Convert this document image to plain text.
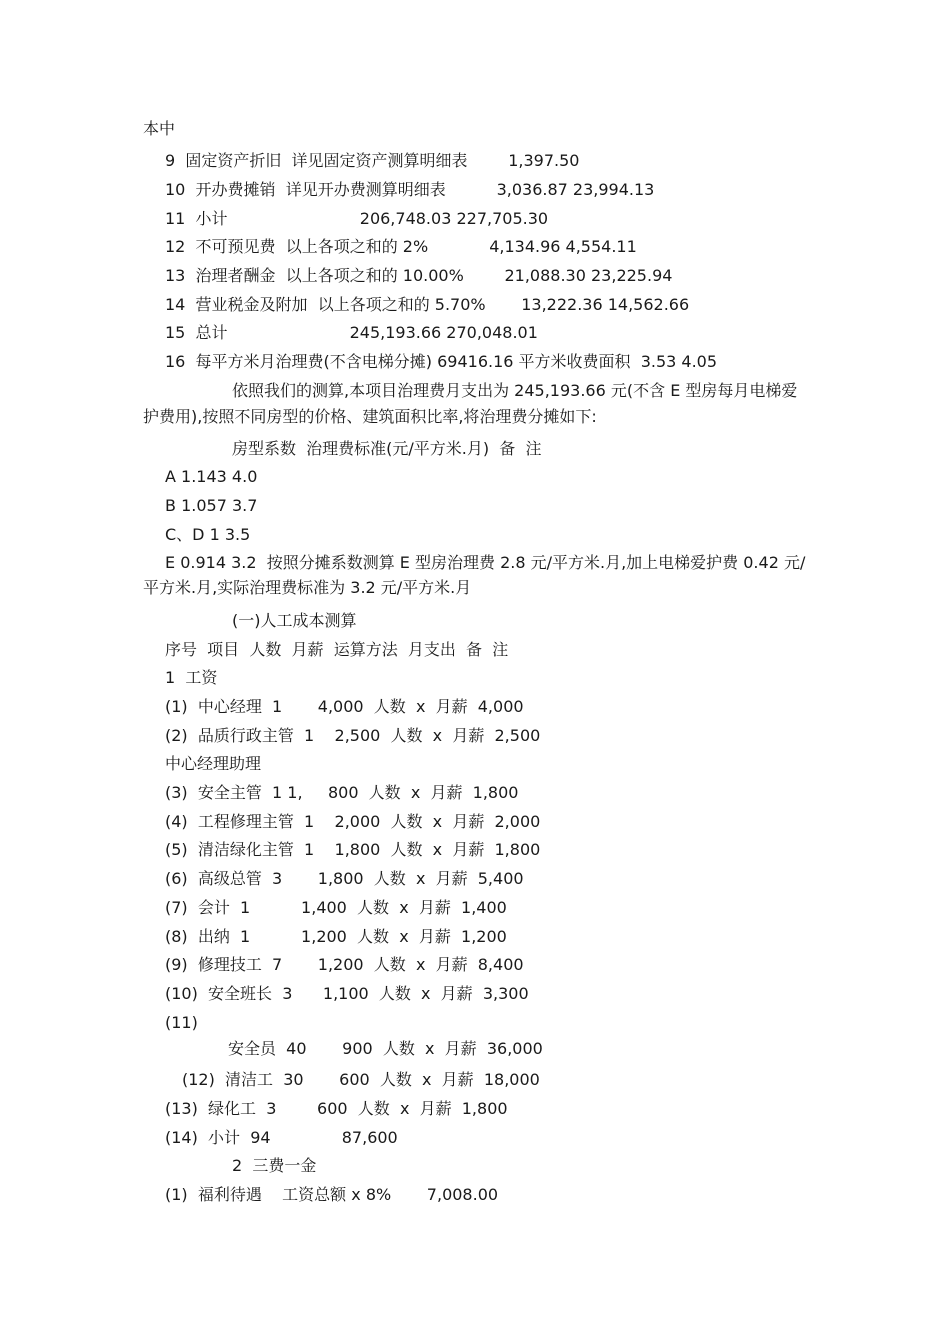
本中
9  固定资产折旧  详见固定资产测算明细表        1,397.50
10  开办费摊销  详见开办费测算明细表          3,036.87 23,994.13
11  小计                          206,748.03 227,705.30
12  不可预见费  以上各项之和的 2%            4,134.96 4,554.11
13  治理者酬金  以上各项之和的 10.00%        21,088.30 23,225.94
14  营业税金及附加  以上各项之和的 5.70%       13,222.36 14,562.66
15  总计                        245,193.66 270,048.01
16  每平方米月治理费(不含电梯分摊) 69416.16 平方米收费面积  3.53 4.05
依照我们的测算,本项目治理费月支出为 245,193.66 元(不含 E 型房每月电梯爱
护费用),按照不同房型的价格、建筑面积比率,将治理费分摊如下:
房型系数  治理费标准(元/平方米.月)  备  注
A 1.143 4.0
B 1.057 3.7
C、D 1 3.5
E 0.914 3.2  按照分摊系数测算 E 型房治理费 2.8 元/平方米.月,加上电梯爱护费 0.42 元/
平方米.月,实际治理费标准为 3.2 元/平方米.月
(一)人工成本测算
序号  项目  人数  月薪  运算方法  月支出  备  注
1  工资
(1)  中心经理  1       4,000  人数  x  月薪  4,000
(2)  品质行政主管  1    2,500  人数  x  月薪  2,500
中心经理助理
(3)  安全主管  1 1,     800  人数  x  月薪  1,800
(4)  工程修理主管  1    2,000  人数  x  月薪  2,000
(5)  清洁绿化主管  1    1,800  人数  x  月薪  1,800
(6)  高级总管  3       1,800  人数  x  月薪  5,400
(7)  会计  1          1,400  人数  x  月薪  1,400
(8)  出纳  1          1,200  人数  x  月薪  1,200
(9)  修理技工  7       1,200  人数  x  月薪  8,400
(10)  安全班长  3      1,100  人数  x  月薪  3,300
(11)
安全员  40       900  人数  x  月薪  36,000
(12)  清洁工  30       600  人数  x  月薪  18,000
(13)  绿化工  3        600  人数  x  月薪  1,800
(14)  小计  94              87,600
2  三费一金
(1)  福利待遇    工资总额 x 8%       7,008.00
